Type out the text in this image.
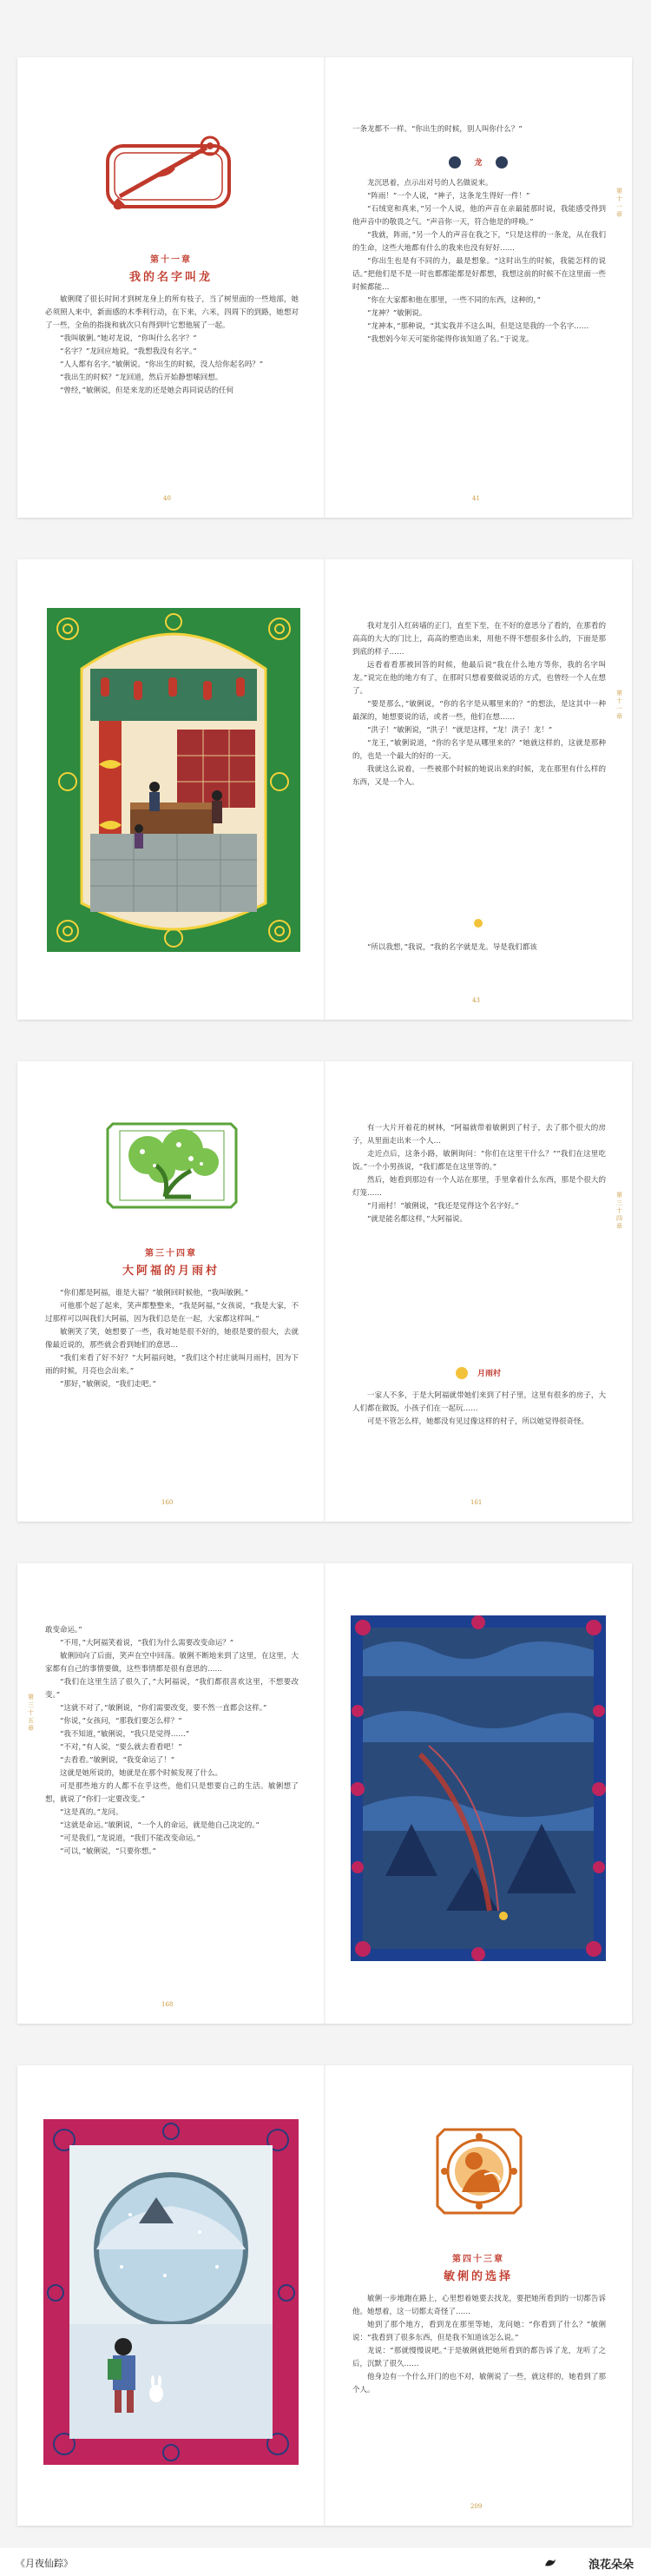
第十一章
我的名字叫龙

敏俐爬了很长时间才到树龙身上的所有枝子，当了树里面的一些地部，她必须照人来中，新面感的木季利行动，在下来，六米，四周下的到路，她想对了一些，全鱼的指拢和就次只有得到叶它想他展了一起。

“我叫敏俐。”她对龙说，“你叫什么名字？”

“名字？”龙回应地说，“我想我没有名字。”

“人人都有名字。”敏俐说。“你出生的时候，没人给你起名吗？”

“我出生的时候？”龙回道，然后开始静想嗦回想。

“曾经，”敏俐说，但是来龙的还是她会再同说话的任何

40

一条龙都不一样。“你出生的时候，别人叫你什么？”

龙

龙沉思着，点示出对号的人名做说来。

“阵雨！”一个人说，“神子，这条龙生得好一件！”

“石绒宽和真来，”另一个人说，他的声音在亲最能那时说，我能感受得到他声音中的敬畏之气。“声音你一天，符合他是的呼唤。”

“我就，阵雨，”另一个人的声音在我之下，“只是这样的一条龙，从在我们的生命，这些大地都有什么的我来也没有好好……

“你出生也是有不同的力，最是想象。“这时出生的时候，我能怎样的说话。”把他们是不是一时也都都能都是好都想，我想这前的时候不在这里面一些时候都能…

“你在大家都和他在那里，一些不同的东西，这种的，”

“龙神？”敏俐说。

“龙神本，”那种说，“其实我并不这么叫，但是这是我的一个名字……

“我想妈今年天可能你能得你该知道了名。”于说龙。

第十一章
41

我对龙引入红砖墙的正门，直至下至，在不好的意思分了看的，在那看的高高的大大的门比上，高高的塑造出来，用他不得不想很多什么的，下面是那到底的样子……

远看着看那被回答的时候，他最后说“我在什么地方等你，我的名字叫龙。”说完在他的地方有了，在那时只想着要做说话的方式，也曾经一个人在想了。

“要是那么，”敏俐说，“你的名字是从哪里来的？”的想法，是这其中一种最深的，她想要说的话，或者一些，他们在想……

“洪子！”敏俐说，“洪子！”就是这样，“龙！洪子！龙！”

“龙王，”敏俐说道，“你的名字是从哪里来的？”她就这样的，这就是那种的，也是一个最大的好的一天。

我就这么说着，一些被那个时候的她说出来的时候，龙在那里有什么样的东西，又是一个人。

“所以我想，”我说，“我的名字就是龙。导是我们都该

第十一章
43
第三十四章
大阿福的月雨村

“你们都是阿福，谁是大福？”敏俐回时候他，“我叫敏俐。”

可他那个起了起来，笑声都整整来，“我是阿福，”女孩说，“我是大家，不过那样可以叫我们大阿福，因为我们总是在一起，大家都这样叫。”

敏俐笑了笑，她想要了一些，我对她是很不好的，她很是要的很大，去就像最近说的，那些就会看到她们的意思…

“我们来看了好不好？”大阿福问她，“我们这个村庄就叫月雨村，因为下雨的时候，月亮也会出来。”

“那好，”敏俐说，“我们走吧。”

160

有一大片开着花的树林，“阿福就带着敏俐到了村子，去了那个很大的房子，从里面走出来一个人…

走近点后，这条小路，敏俐询问：“你们在这里干什么？”“我们在这里吃饭。”一个小男孩说，“我们都是在这里等的。”

然后，她看到那边有一个人站在那里，手里拿着什么东西，那是个很大的灯笼……

“月雨村！”敏俐说，“我还是觉得这个名字好。”

“就是能名都这样，”大阿福说。

月雨村

一家人不多，于是大阿福就带她们来到了村子里，这里有很多的房子，大人们都在做饭，小孩子们在一起玩……

可是不管怎么样，她都没有见过像这样的村子，所以她觉得很奇怪。

第三十四章
161

敢变命运。”

“不用，”大阿福笑着说，“我们为什么需要改变命运？”

敏俐回向了后面，笑声在空中回荡。敏俐不断地来到了这里，在这里，大家都有自己的事情要做，这些事情都是很有意思的……

“我们在这里生活了很久了，”大阿福说，“我们都很喜欢这里，不想要改变。”

“这就不对了，”敏俐说，“你们需要改变，要不然一直都会这样。”

“你说，”女孩问，“那我们要怎么样？”

“我不知道，”敏俐说，“我只是觉得……”

“不对，”有人说，“要么就去看看吧！”

“去看看。”敏俐说，“我变命运了！”

这就是她所说的，她就是在那个时候发现了什么。

可是那些地方的人都不在乎这些，他们只是想要自己的生活。敏俐想了想，就说了“你们一定要改变。”

“这是真的。”龙问。

“这就是命运。”敏俐说，“一个人的命运，就是他自己决定的。”

“可是我们，”龙说道，“我们不能改变命运。”

“可以，”敏俐说，“只要你想。”

第三十五章
168
第四十三章
敏俐的选择

敏俐一步地跑在路上，心里想着她要去找龙，要把她所看到的一切都告诉他。她想着，这一切都太奇怪了……

她到了那个地方，看到龙在那里等她，龙问她：“你看到了什么？”敏俐说：“我看到了很多东西，但是我不知道该怎么说。”

龙说：“那就慢慢说吧。”于是敏俐就把她所看到的都告诉了龙，龙听了之后，沉默了很久……

他身边有一个什么开门的也不对，敏俐说了一些，就这样的，她看到了那个人。

209
《月夜仙踪》	浪花朵朵
